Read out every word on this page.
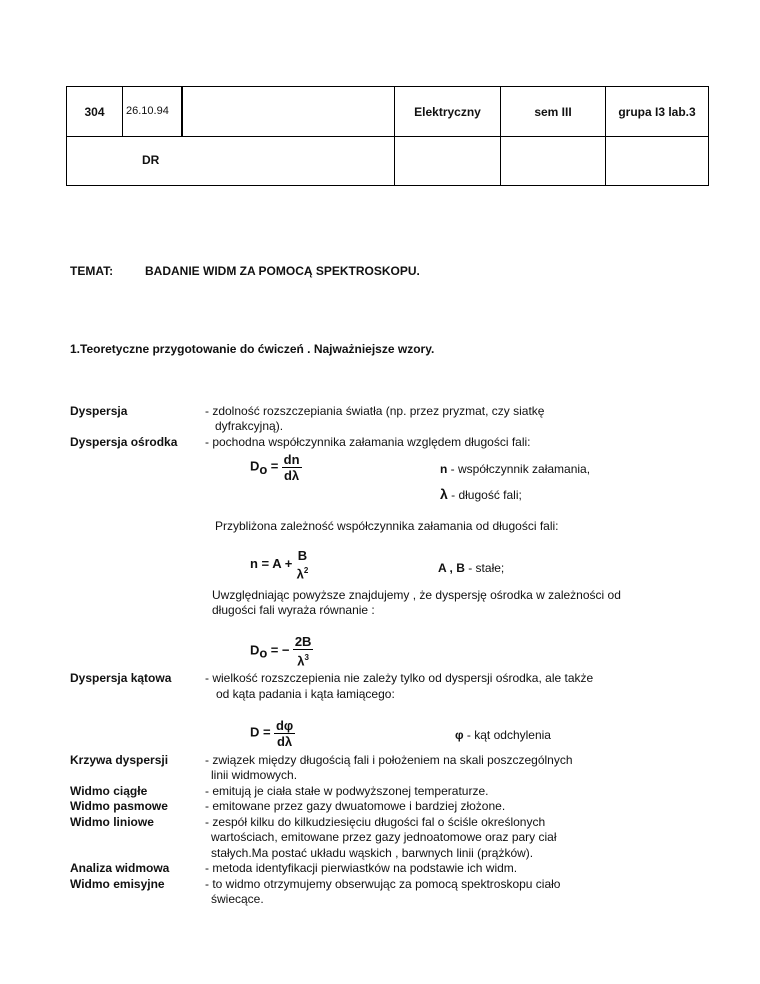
304	26.10.94		Elektryczny	sem III	grupa I3 lab.3
DR					
TEMAT:	BADANIE WIDM ZA POMOCĄ SPEKTROSKOPU.
1.Teoretyczne przygotowanie do ćwiczeń . Najważniejsze wzory.
Dyspersja	- zdolność rozszczepiania światła (np. przez pryzmat, czy siatkę
dyfrakcyjną).
Dyspersja ośrodka - pochodna współczynnika załamania względem długości fali:
$D_o = \frac{dn}{d\lambda}$	n - współczynnik załamania,
λ - długość fali;
Przybliżona zależność współczynnika załamania od długości fali:
n = A +
B
$\lambda^2$	A , B - stałe;
Uwzględniając powyższe znajdujemy , że dyspersję ośrodka w zależności od
długości fali wyraża równanie :
$D_o$ = − $\frac{2B}{\lambda^3}$
Dyspersja kątowa	- wielkość rozszczepienia nie zależy tylko od dyspersji ośrodka, ale także
od kąta padania i kąta łamiącego:
$D = \frac{d\varphi}{d\lambda}$	φ - kąt odchylenia
Krzywa dyspersji	- związek między długością fali i położeniem na skali poszczególnych
linii widmowych.
Widmo ciągłe	- emitują je ciała stałe w podwyższonej temperaturze.
Widmo pasmowe	- emitowane przez gazy dwuatomowe i bardziej złożone.
Widmo liniowe	- zespół kilku do kilkudziesięciu długości fal o ściśle określonych
wartościach, emitowane przez gazy jednoatomowe oraz pary ciał
stałych.Ma postać układu wąskich , barwnych linii (prążków).
Analiza widmowa	- metoda identyfikacji pierwiastków na podstawie ich widm.
Widmo emisyjne	- to widmo otrzymujemy obserwując za pomocą spektroskopu ciało
świecące.
